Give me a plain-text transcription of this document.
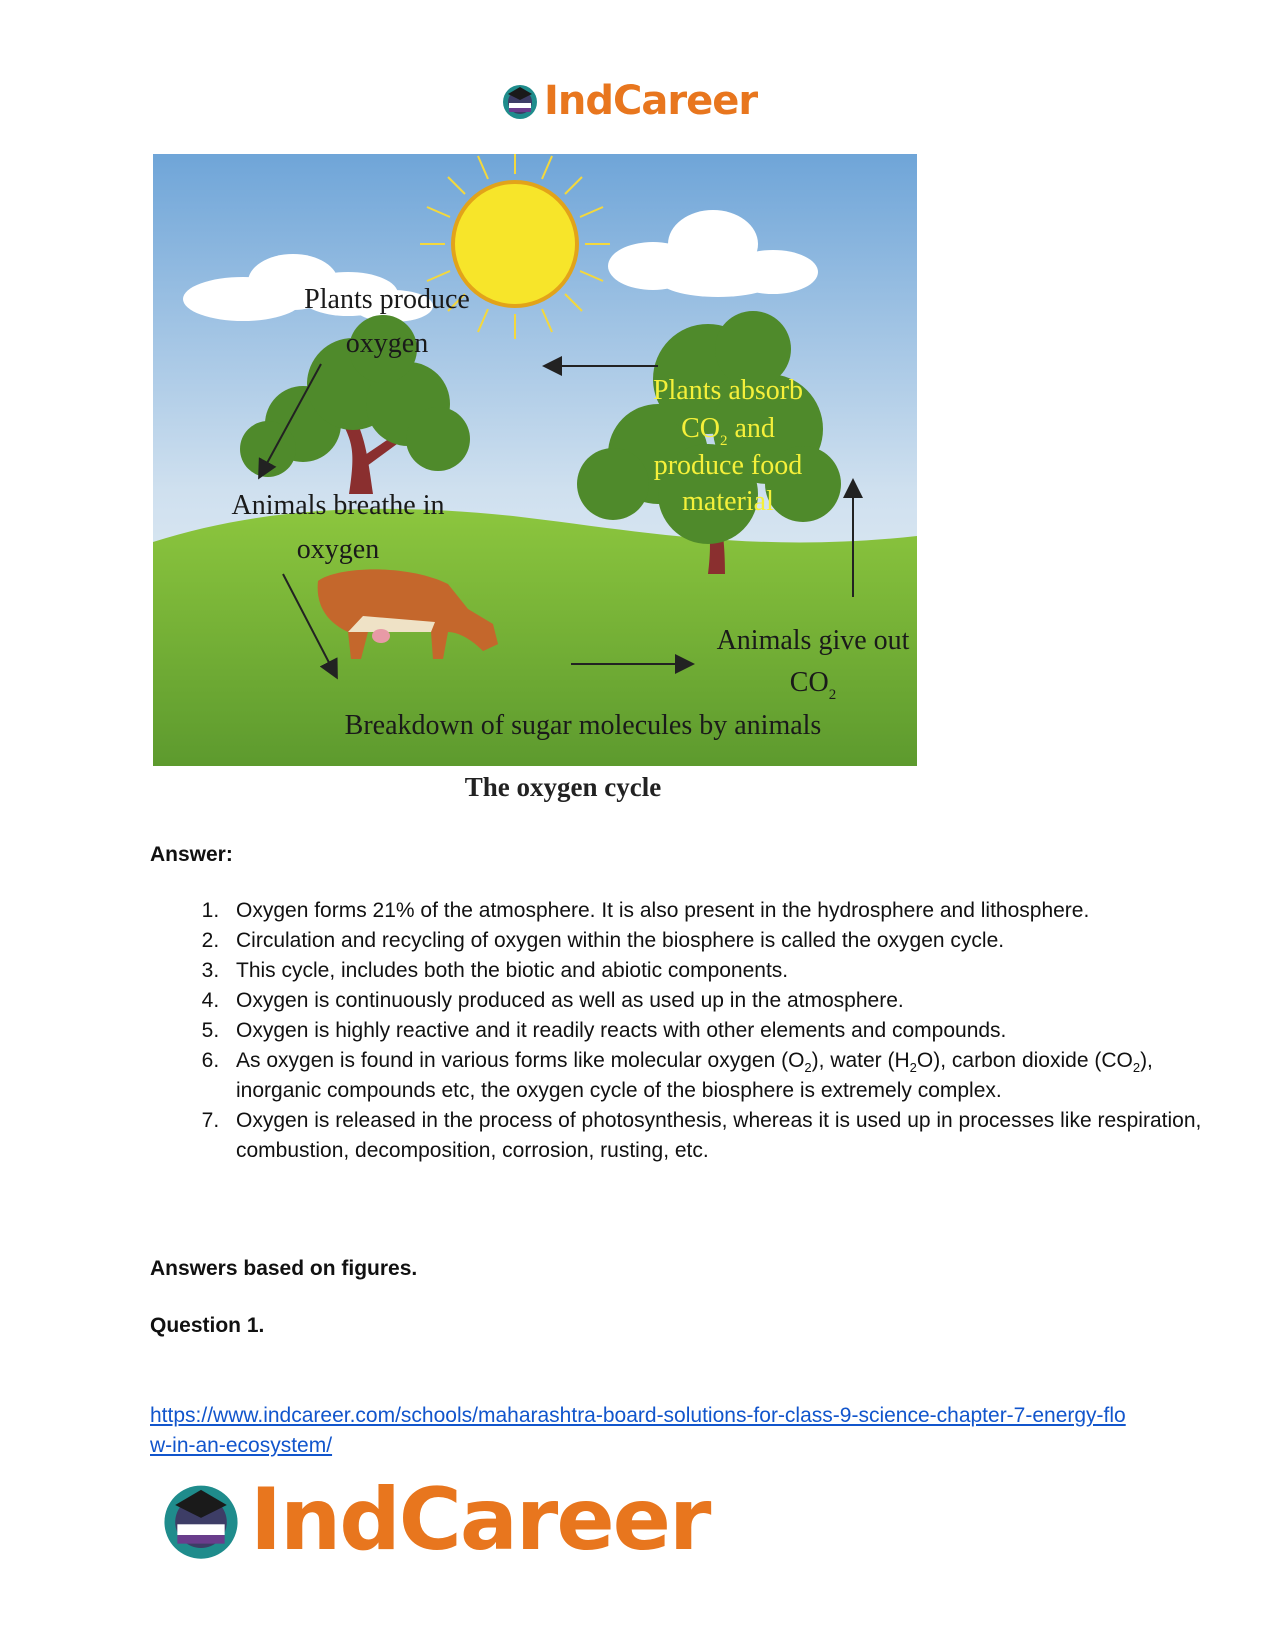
IndCareer
Plants produce
oxygen
Plants absorb
$CO_2$ and
produce food
material
Animals breathe in
oxygen
Animals give out
$CO_2$
Breakdown of sugar molecules by animals
The oxygen cycle
Answer:
1. Oxygen forms 21% of the atmosphere. It is also present in the hydrosphere and lithosphere.
2. Circulation and recycling of oxygen within the biosphere is called the oxygen cycle.
3. This cycle, includes both the biotic and abiotic components.
4. Oxygen is continuously produced as well as used up in the atmosphere.
5. Oxygen is highly reactive and it readily reacts with other elements and compounds.
6. As oxygen is found in various forms like molecular oxygen $(O_2)$, water $(H_2O)$, carbon dioxide $(CO_2)$, inorganic compounds etc, the oxygen cycle of the biosphere is extremely complex.
7. Oxygen is released in the process of photosynthesis, whereas it is used up in processes like respiration, combustion, decomposition, corrosion, rusting, etc.
Answers based on figures.
Question 1.
https://www.indcareer.com/schools/maharashtra-board-solutions-for-class-9-science-chapter-7-energy-flow-in-an-ecosystem/
IndCareer
